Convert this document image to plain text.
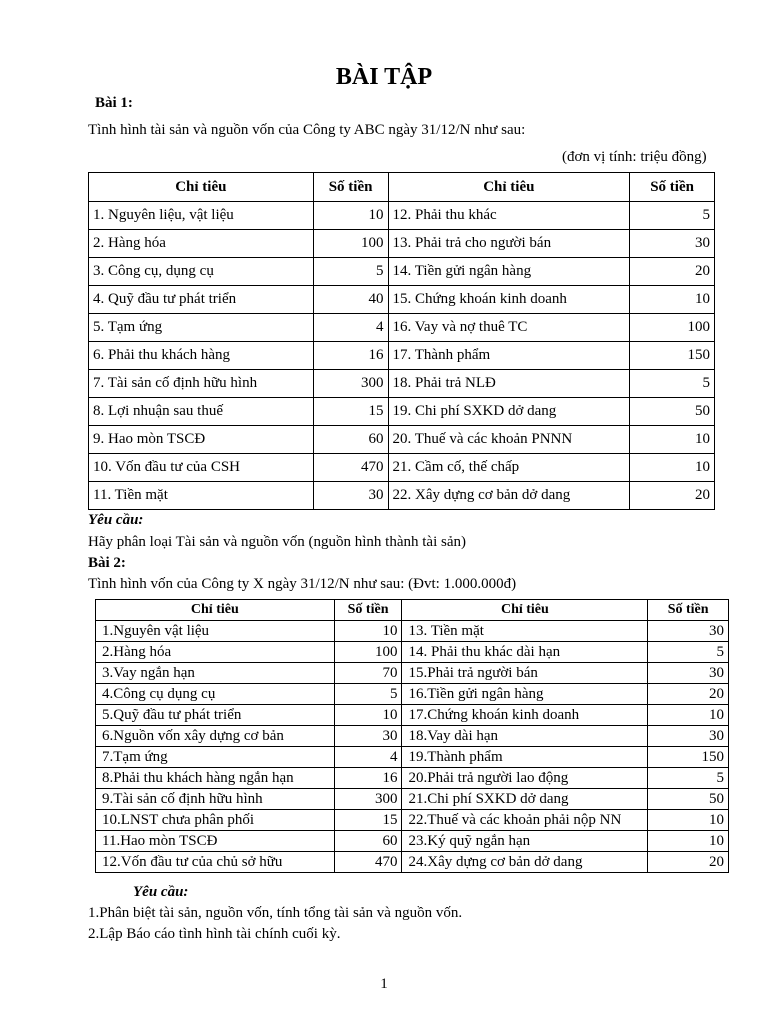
BÀI TẬP
Bài 1:
Tình hình tài sản và nguồn vốn của Công ty ABC ngày 31/12/N như sau:
(đơn vị tính: triệu đồng)
Chỉ tiêu	Số tiền	Chỉ tiêu	Số tiền
1. Nguyên liệu, vật liệu	10	12. Phải thu khác	5
2. Hàng hóa	100	13. Phải trả cho người bán	30
3. Công cụ, dụng cụ	5	14. Tiền gửi ngân hàng	20
4. Quỹ đầu tư phát triển	40	15. Chứng khoán kinh doanh	10
5. Tạm ứng	4	16. Vay và nợ thuê TC	100
6. Phải thu khách hàng	16	17. Thành phẩm	150
7. Tài sản cố định hữu hình	300	18. Phải trả NLĐ	5
8. Lợi nhuận sau thuế	15	19. Chi phí SXKD dở dang	50
9. Hao mòn TSCĐ	60	20. Thuế và các khoản PNNN	10
10. Vốn đầu tư của CSH	470	21. Cầm cố, thế chấp	10
11. Tiền mặt	30	22. Xây dựng cơ bản dở dang	20
Yêu cầu:
Hãy phân loại Tài sản và nguồn vốn (nguồn hình thành tài sản)
Bài 2:
Tình hình vốn của Công ty X ngày 31/12/N như sau: (Đvt: 1.000.000đ)
Chỉ tiêu	Số tiền	Chỉ tiêu	Số tiền
1.Nguyên vật liệu	10	13. Tiền mặt	30
2.Hàng hóa	100	14. Phải thu khác dài hạn	5
3.Vay ngắn hạn	70	15.Phải trả người bán	30
4.Công cụ dụng cụ	5	16.Tiền gửi ngân hàng	20
5.Quỹ đầu tư phát triển	10	17.Chứng khoán kinh doanh	10
6.Nguồn vốn xây dựng cơ bản	30	18.Vay dài hạn	30
7.Tạm ứng	4	19.Thành phẩm	150
8.Phải thu khách hàng ngắn hạn	16	20.Phải trả người lao động	5
9.Tài sản cố định hữu hình	300	21.Chi phí SXKD dở dang	50
10.LNST chưa phân phối	15	22.Thuế và các khoản phải nộp NN	10
11.Hao mòn TSCĐ	60	23.Ký quỹ ngắn hạn	10
12.Vốn đầu tư của chủ sở hữu	470	24.Xây dựng cơ bản dở dang	20
Yêu cầu:
1.Phân biệt tài sản, nguồn vốn, tính tổng tài sản và nguồn vốn.
2.Lập Báo cáo tình hình tài chính cuối kỳ.
1
